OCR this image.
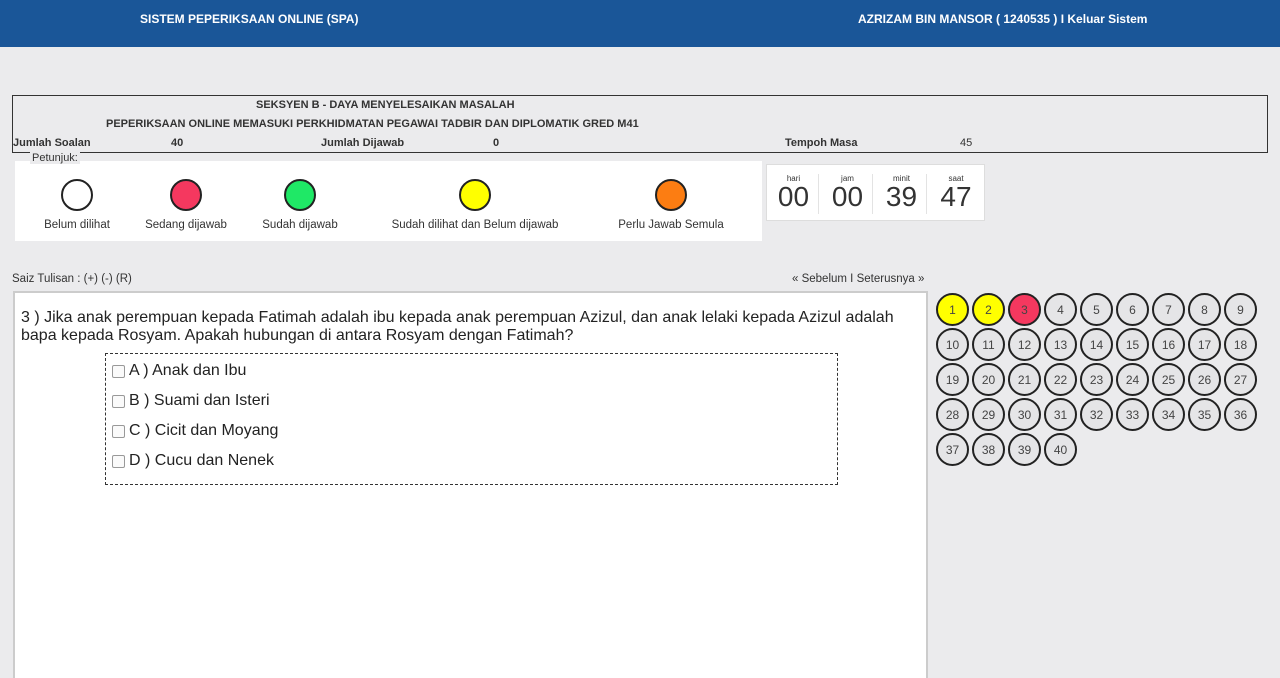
SISTEM PEPERIKSAAN ONLINE (SPA)	AZRIZAM BIN MANSOR ( 1240535 ) I Keluar Sistem
SEKSYEN B - DAYA MENYELESAIKAN MASALAH
PEPERIKSAAN ONLINE MEMASUKI PERKHIDMATAN PEGAWAI TADBIR DAN DIPLOMATIK GRED M41
Jumlah Soalan	40	Jumlah Dijawab	0	Tempoh Masa	45
Belum dilihat	Sedang dijawab	Sudah dijawab	Sudah dilihat dan Belum dijawab	Perlu Jawab Semula
Petunjuk:
hari
00
jam
00
minit
39
saat
47
Saiz Tulisan : (+) (-) (R)	« Sebelum I Seterusnya »
3 ) Jika anak perempuan kepada Fatimah adalah ibu kepada anak perempuan Azizul, dan anak lelaki kepada Azizul adalah bapa kepada Rosyam. Apakah hubungan di antara Rosyam dengan Fatimah?
A ) Anak dan Ibu
B ) Suami dan Isteri
C ) Cicit dan Moyang
D ) Cucu dan Nenek
1	2	3	4	5	6	7	8	9
10	11	12	13	14	15	16	17	18
19	20	21	22	23	24	25	26	27
28	29	30	31	32	33	34	35	36
37	38	39	40
